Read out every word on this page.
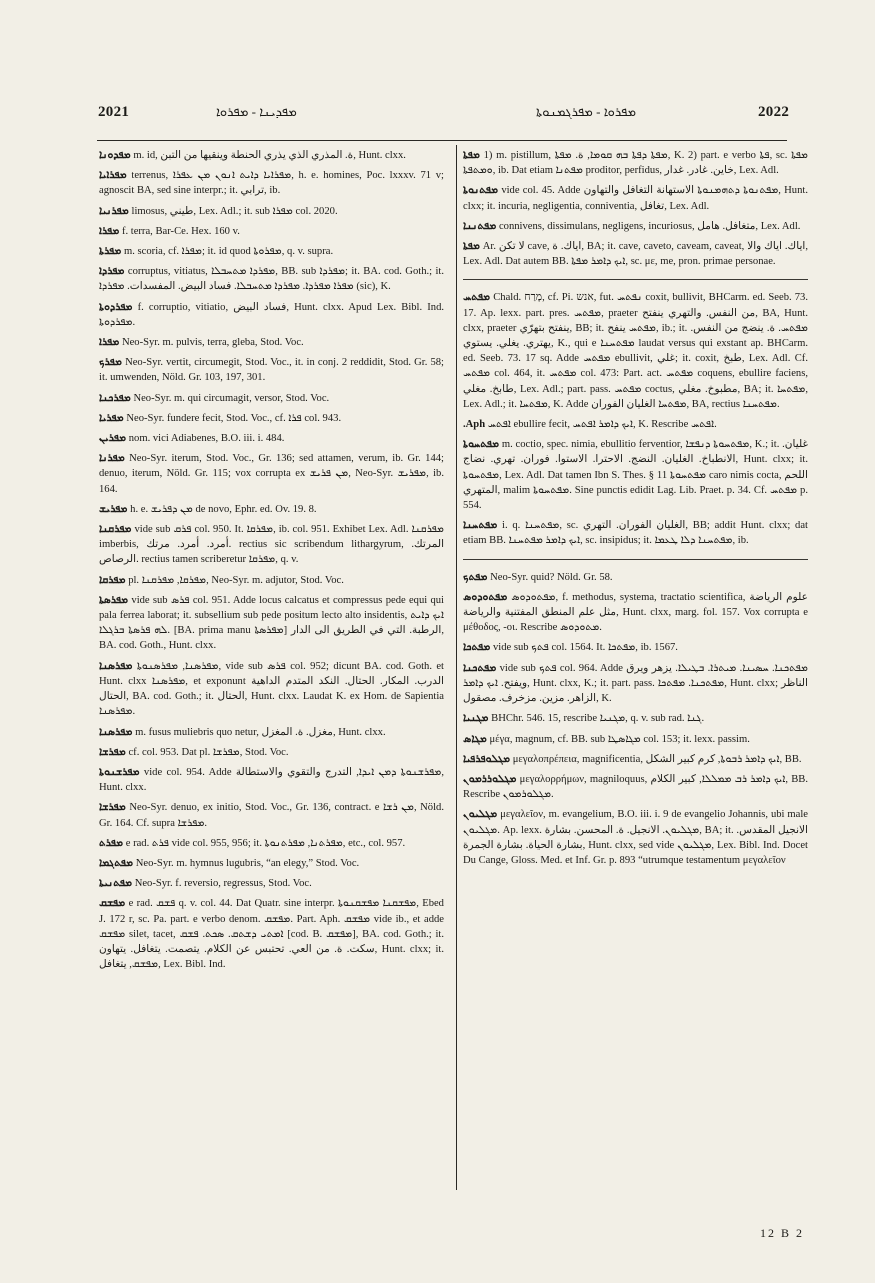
2021	ܡܦܕܝܢܐ - ܡܦܪܘܐ	ܡܦܪܘܐ - ܡܦܪܓܡܢܘܬܐ	2022

ܡܦܕܘܢܐ m. id, ة. المذري الذي يذري الحنطة وينقيها من التبن, Hunt. clxx.

ܡܦܪܐܝܐ terrenus, ܡܦܪܐܝܐ ܕܐܝܬ ܐܢܘܢ ܡܢ ܥܦܪܐ, h. e. homines, Poc. lxxxv. 71 v; agnoscit BA, sed sine interpr.; it. ترابي, ib.

ܡܦܪܢܝܐ limosus, طيني, Lex. Adl.; it. sub ܡܦܪܐ col. 2020.

ܡܦܪܐ f. terra, Bar-Ce. Hex. 160 v.

ܡܦܪܬܐ m. scoria, cf. ܡܦܪܐ; it. id quod ܡܦܪܘܬܐ, q. v. supra.

ܡܦܪܕܐ corruptus, vitiatus, ܡܦܪܕܐ ܡܬܚܒܠܐ, BB. sub ܡܦܪܕܐ; it. BA. cod. Goth.; it. ܡܦܪܐ ܡܦܪܕܐ. ܡܦܪܕܐ ܡܬܚܒܠܐ. فساد البيض. المفسدات. ܡܦܪܕܐ (sic), K.

ܡܦܪܕܘܬܐ f. corruptio, vitiatio, فساد البيض, Hunt. clxx. Apud Lex. Bibl. Ind. ܡܦܪܕܘܬܐ.

ܡܦܪܐ Neo-Syr. m. pulvis, terra, gleba, Stod. Voc.

ܡܦܪܟ Neo-Syr. vertit, circumegit, Stod. Voc., it. in conj. 2 reddidit, Stod. Gr. 58; it. umwenden, Nöld. Gr. 103, 197, 301.

ܡܦܪܟܢܐ Neo-Syr. m. qui circumagit, versor, Stod. Voc.

ܡܦܪܝܐ Neo-Syr. fundere fecit, Stod. Voc., cf. ܦܪܐ col. 943.

ܡܦܪܝܢ nom. vici Adiabenes, B.O. iii. i. 484.

ܡܦܪܢܐ Neo-Syr. iterum, Stod. Voc., Gr. 136; sed attamen, verum, ib. Gr. 144; denuo, iterum, Nöld. Gr. 115; vox corrupta ex ܡܢ ܦܪܝܫ, Neo-Syr. ܡܦܪܝܫ, ib. 164.

ܡܦܪܝܫ h. e. ܡܢ ܕܦܪܝܫ de novo, Ephr. ed. Ov. 19. 8.

ܡܦܪܩܢܐ vide sub ܦܪܩ col. 950. It. ܡܦܪܩܐ, ib. col. 951. Exhibet Lex. Adl. ܡܦܪܩܢܐ imberbis, أمرد. أمرد. مرتك. rectius sic scribendum lithargyrum, المرتك. الرصاص. rectius tamen scriberetur ܡܦܪܩܐ, q. v.

ܡܦܪܩܐ pl. ܡܦܪܩܐ, ܡܦܪܩܢܐ, Neo-Syr. m. adjutor, Stod. Voc.

ܡܦܪܣܬܐ vide sub ܦܪܣ col. 951. Adde locus calcatus et compressus pede equi qui pala ferrea laborat; it. subsellium sub pede positum lecto alto insidentis, ܐܝܟ ܕܐܝܬ ܠܗ ܦܪܣܬܐ ܒܪܓܠܐ. [BA. prima manu ܡܦܪܣܬܐ] الرطبة. التي في الطريق الى الدار, BA. cod. Goth., Hunt. clxx.

ܡܦܪܣܢܐ ܡܦܪܣܢܐ, ܡܦܪܣܢܘܬܐ, vide sub ܦܪܣ col. 952; dicunt BA. cod. Goth. et Hunt. clxx ܡܦܪܣܢܐ, et exponunt الدرب. المكار. الحتال. النكد المتدم الداهية الحتال, BA. cod. Goth.; it. الحتال, Hunt. clxx. Laudat K. ex Hom. de Sapientia ܡܦܪܣܢܐ.

ܡܦܪܣܢܐ m. fusus muliebris quo netur, مغزل. ة. المغزل, Hunt. clxx.

ܡܦܪܫܐ cf. col. 953. Dat pl. ܡܦܪܫܐ, Stod. Voc.

ܡܦܪܫܢܘܬܐ vide col. 954. Adde ܡܦܪܫܢܘܬܐ ܕܡܢ ܐܝܕܐ, التدرج والتقوي والاستطالة, Hunt. clxx.

ܡܦܪܫܐ Neo-Syr. denuo, ex initio, Stod. Voc., Gr. 136, contract. e ܡܢ ܪܫܐ, Nöld. Gr. 164. Cf. supra ܡܦܪܫܐ.

ܡܦܪܬ e rad. ܦܪܬ vide col. 955, 956; it. ܡܦܪܬܢܐ, ܡܦܪܬܢܘܬܐ, etc., col. 957.

ܡܦܬܓܡܐ Neo-Syr. m. hymnus lugubris, “an elegy,” Stod. Voc.

ܡܦܬܢܝܬܐ Neo-Syr. f. reversio, regressus, Stod. Voc.

ܡܦܫܩ e rad. ܦܫܩ q. v. col. 44. Dat Quatr. sine interpr. ܡܦܫܩܢܐ ܡܦܫܩܢܘܬܐ, Ebed J. 172 r, sc. Pa. part. e verbo denom. ܡܦܫܩ. Part. Aph. ܡܦܫܩ vide ib., et adde ܡܦܫܩ silet, tacet, ܐܡܬܝ ܕܫܬܩ. ܣܟܬ. ܦܫܩ [cod. B. ܡܦܫܩ], BA. cod. Goth.; it. سكت. ة. من العي. تحتبس عن الكلام. يتصمت. يتغافل. يتهاون, Hunt. clxx; it. ܡܦܫܩ, يتغافل, Lex. Bibl. Ind.

ܡܦܬܐ 1) m. pistillum, ܡܦܬܐ ܕܦܬܐ ܒܗ ܩܘܡܐ, ة. ܡܦܬܐ, K. 2) part. e verbo ܦܬܐ, sc. ܡܦܬܐ ܘܡܬܦܬܐ, ib. Dat etiam ܡܦܬܢܐ proditor, perfidus, خاين. غادر. غدار, Lex. Adl.

ܡܦܬܢܘܬܐ vide col. 45. Adde ܡܦܬܢܘܬܐ ܕܬܗܡܢܘܬܐ الاستهانة التغافل والتهاون, Hunt. clxx; it. incuria, negligentia, conniventia, تغافل, Lex. Adl.

ܡܦܬܢܢܐ connivens, dissimulans, negligens, incuriosus, متغافل. هامل, Lex. Adl.

ܡܦܬܐ Ar. لا تكن cave, اياك. ة, BA; it. cave, caveto, caveam, caveat, اياك. اياك والا, Lex. Adl. Dat autem BB. ܐܝܟ ܕܐܡܪ ܡܦܬܐ, sc. με, me, pron. primae personae.

ܡܦܬܚ Chald. מָרַח, cf. Pi. אנש, fut. ܢܦܬܚ coxit, bullivit, BHCarm. ed. Seeb. 73. 17. Ap. lexx. part. pres. ܡܦܬܚ, praeter من النفس. والتهري ينفتح, BA, Hunt. clxx, praeter ينفتح بتهرّي, BB; it. ܡܦܬܚ ينفح, ib.; it. ܡܦܬܚ. ة. ينضج من النفس. يهتري. يغلي. يستوي, K., qui e ܡܦܬܚܢܐ laudat versus qui exstant ap. BHCarm. ed. Seeb. 73. 17 sq. Adde ܡܦܬܚ ebullivit, غلي; it. coxit, طبخ, Lex. Adl. Cf. ܡܦܬܚ col. 464, it. ܡܦܬܚ col. 473: Part. act. ܡܦܬܚ coquens, ebullire faciens, طابخ. مغلي, Lex. Adl.; part. pass. ܡܦܬܚ coctus, مطبوخ. مغلي, BA; it. ܡܦܬܚܐ, Lex. Adl.; it. ܡܦܬܚܐ, K. Adde ܡܦܬܚܐ الغليان الفوران, BA, rectius ܡܦܬܚܢܐ.

Aph. ܐܦܬܚ ebullire fecit, ܐܝܟ ܕܐܡܪ ܐܦܬܚ, K. Rescribe ܐܦܬܚ.

ܡܦܬܚܘܬܐ m. coctio, spec. nimia, ebullitio ferventior, ܡܦܬܚܘܬܐ ܕܢܦܫܐ, K.; it. غليان. الانطباخ. الغليان. النضج. الاحترا. الاستوا. فوران. تهري. نضاج, Hunt. clxx; it. ܡܦܬܚܘܬܐ, Lex. Adl. Dat tamen Ibn S. Thes. § 11 ܡܦܬܚܘܬܐ caro nimis cocta, اللحم المتهري, malim ܡܦܬܚܘܬܐ. Sine punctis edidit Lag. Lib. Praet. p. 34. Cf. ܡܦܬܚ p. 554.

ܡܦܬܚܢܐ i. q. ܡܦܬܚܢܐ, sc. الغليان الفوران. التهري, BB; addit Hunt. clxx; dat etiam BB. ܐܝܟ ܕܐܡܪ ܡܦܬܚܢܐ, sc. insipidus; it. ܡܦܬܚܢܐ ܕܠܐ ܛܥܡܐ, ib.

ܡܦܬܟ Neo-Syr. quid? Nöld. Gr. 58.

ܡܦܬܘܕܘܣ ܡܦܬܘܕܘܣ, f. methodus, systema, tractatio scientifica, علوم الرياضة مثل علم المنطق المفتنية والرياضة, Hunt. clxx, marg. fol. 157. Vox corrupta e μέθοδος, -οι. Rescribe ܡܬܘܕܘܣ.

ܡܦܬܟܐ vide sub ܦܬܟ col. 1564. It. ܡܦܬܟܐ, ib. 1567.

ܡܦܬܟܢܐ vide sub ܦܬܟ col. 964. Adde ܡܦܬܟܢܐ. ܚܣܝܢܐ. ܡܝܬܪܐ. ܒܛܝܠܐ. يزهر ويرق ويفتح. ܐܝܟ ܕܐܡܪ, Hunt. clxx, K.; it. part. pass. ܡܦܬܟܢܐ. ܡܦܬܟܐ, Hunt. clxx; الناظر الزاهر. مزين. مزخرف. مصقول, K.

ܡܓܢܝܐ BHChr. 546. 15, rescribe ܡܓܢܝܐ, q. v. sub rad. ܓܢܐ.

ܡܓܐܣ μέγα, magnum, cf. BB. sub ܡܓܐܣܛܐ col. 153; it. lexx. passim.

ܡܓܠܘܦܪܦܝܐ μεγαλοπρέπεια, magnificentia, ܐܝܟ ܕܐܡܪ ܪܒܘܬܐ, كرم كبير الشكل, BB.

ܡܓܠܘܪܪܡܘܢ μεγαλορρήμων, magniloquus, ܐܝܟ ܕܐܡܪ ܪܒ ܡܡܠܠܐ, كبير الكلام, BB. Rescribe ܡܓܠܘܪܡܘܢ.

ܡܓܠܝܘܢ μεγαλεῖον, m. evangelium, B.O. iii. i. 9 de evangelio Johannis, ubi male ܡܓܠܝܘܢ. Ap. lexx. ܡܓܠܝܘܢ. الانجيل. ة. المحسن. بشارة, BA; it. الانجيل المقدس. بشارة الحياة. بشارة الجمرة, Hunt. clxx, sed vide ܡܓܠܝܘܢ, Lex. Bibl. Ind. Docet Du Cange, Gloss. Med. et Inf. Gr. p. 893 “utrumque testamentum μεγαλεῖον

12 B 2
